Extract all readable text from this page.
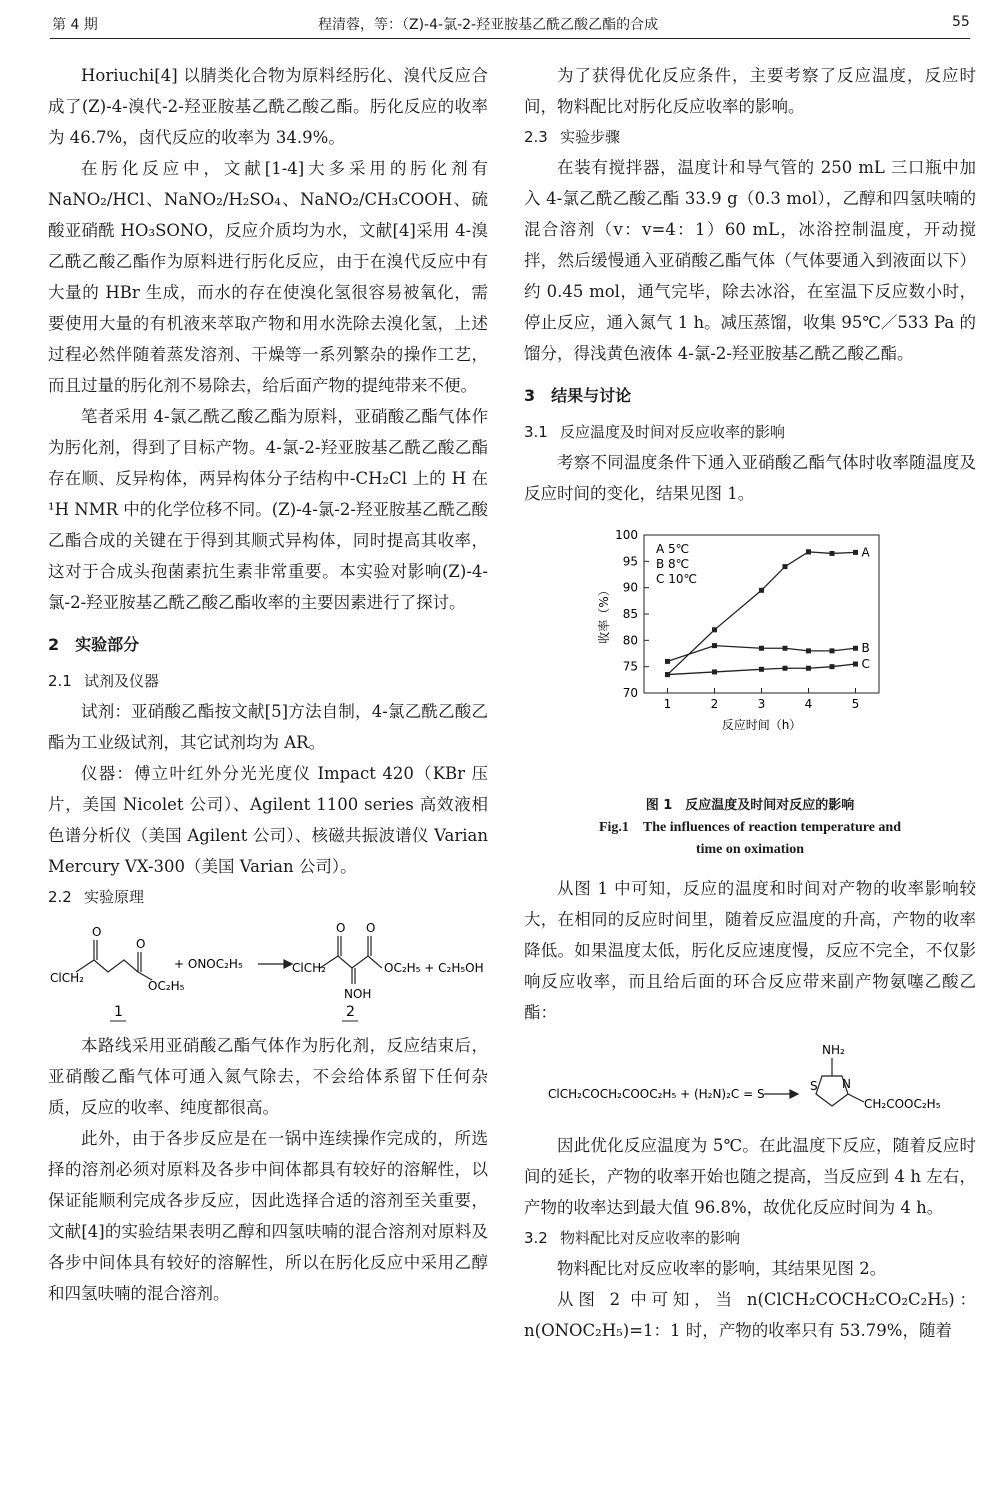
第 4 期	程清蓉，等：（Z)-4-氯-2-羟亚胺基乙酰乙酸乙酯的合成	55

Horiuchi[4] 以腈类化合物为原料经肟化、溴代反应合成了(Z)-4-溴代-2-羟亚胺基乙酰乙酸乙酯。肟化反应的收率为 46.7%，卤代反应的收率为 34.9%。

在肟化反应中，文献[1-4]大多采用的肟化剂有 NaNO₂/HCl、NaNO₂/H₂SO₄、NaNO₂/CH₃COOH、硫酸亚硝酰 HO₃SONO，反应介质均为水，文献[4]采用 4-溴乙酰乙酸乙酯作为原料进行肟化反应，由于在溴代反应中有大量的 HBr 生成，而水的存在使溴化氢很容易被氧化，需要使用大量的有机液来萃取产物和用水洗除去溴化氢，上述过程必然伴随着蒸发溶剂、干燥等一系列繁杂的操作工艺，而且过量的肟化剂不易除去，给后面产物的提纯带来不便。

笔者采用 4-氯乙酰乙酸乙酯为原料，亚硝酸乙酯气体作为肟化剂，得到了目标产物。4-氯-2-羟亚胺基乙酰乙酸乙酯存在顺、反异构体，两异构体分子结构中-CH₂Cl 上的 H 在 ¹H NMR 中的化学位移不同。(Z)-4-氯-2-羟亚胺基乙酰乙酸乙酯合成的关键在于得到其顺式异构体，同时提高其收率，这对于合成头孢菌素抗生素非常重要。本实验对影响(Z)-4-氯-2-羟亚胺基乙酰乙酸乙酯收率的主要因素进行了探讨。

2　实验部分
2.1 试剂及仪器

试剂：亚硝酸乙酯按文献[5]方法自制，4-氯乙酰乙酸乙酯为工业级试剂，其它试剂均为 AR。

仪器：傅立叶红外分光光度仪 Impact 420（KBr 压片，美国 Nicolet 公司）、Agilent 1100 series 高效液相色谱分析仪（美国 Agilent 公司）、核磁共振波谱仪 Varian Mercury VX-300（美国 Varian 公司）。

2.2 实验原理
O
O
ClCH₂
OC₂H₅
+ ONOC₂H₅	ClCH₂
O O
OC₂H₅ + C₂H₅OH
NOH
1	2

本路线采用亚硝酸乙酯气体作为肟化剂，反应结束后，亚硝酸乙酯气体可通入氮气除去，不会给体系留下任何杂质，反应的收率、纯度都很高。

此外，由于各步反应是在一锅中连续操作完成的，所选择的溶剂必须对原料及各步中间体都具有较好的溶解性，以保证能顺利完成各步反应，因此选择合适的溶剂至关重要，文献[4]的实验结果表明乙醇和四氢呋喃的混合溶剂对原料及各步中间体具有较好的溶解性，所以在肟化反应中采用乙醇和四氢呋喃的混合溶剂。

为了获得优化反应条件，主要考察了反应温度，反应时间，物料配比对肟化反应收率的影响。

2.3 实验步骤

在装有搅拌器，温度计和导气管的 250 mL 三口瓶中加入 4-氯乙酰乙酸乙酯 33.9 g（0.3 mol），乙醇和四氢呋喃的混合溶剂（v：v=4：1）60 mL，冰浴控制温度，开动搅拌，然后缓慢通入亚硝酸乙酯气体（气体要通入到液面以下）约 0.45 mol，通气完毕，除去冰浴，在室温下反应数小时，停止反应，通入氮气 1 h。减压蒸馏，收集 95℃／533 Pa 的馏分，得浅黄色液体 4-氯-2-羟亚胺基乙酰乙酸乙酯。

3　结果与讨论
3.1 反应温度及时间对反应收率的影响

考察不同温度条件下通入亚硝酸乙酯气体时收率随温度及反应时间的变化，结果见图 1。

70
75
80
85
90
95
100
1	2	3	4	5
反应时间（h）
收率（%）
A 5℃
B 8℃
C 10℃
A
B
C
图 1　反应温度及时间对反应的影响
Fig.1　The influences of reaction temperature and
time on oximation

从图 1 中可知，反应的温度和时间对产物的收率影响较大，在相同的反应时间里，随着反应温度的升高，产物的收率降低。如果温度太低，肟化反应速度慢，反应不完全，不仅影响反应收率，而且给后面的环合反应带来副产物氨噻乙酸乙酯：

ClCH₂COCH₂COOC₂H₅ + (H₂N)₂C = S
NH₂
S N
CH₂COOC₂H₅

因此优化反应温度为 5℃。在此温度下反应，随着反应时间的延长，产物的收率开始也随之提高，当反应到 4 h 左右，产物的收率达到最大值 96.8%，故优化反应时间为 4 h。

3.2 物料配比对反应收率的影响

物料配比对反应收率的影响，其结果见图 2。

从图 2 中可知，当 n(ClCH₂COCH₂CO₂C₂H₅)：n(ONOC₂H₅)=1：1 时，产物的收率只有 53.79%，随着
